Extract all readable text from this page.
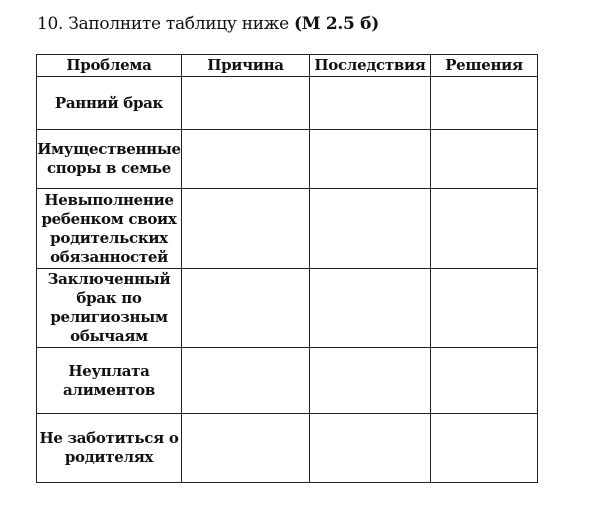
10. Заполните таблицу ниже (М 2.5 б)
Проблема	Причина	Последствия	Решения
Ранний брак			
Имущественные споры в семье			
Невыполнение ребенком своих родительских обязанностей			
Заключенный брак по религиозным обычаям			
Неуплата алиментов			
Не заботиться о родителях			
